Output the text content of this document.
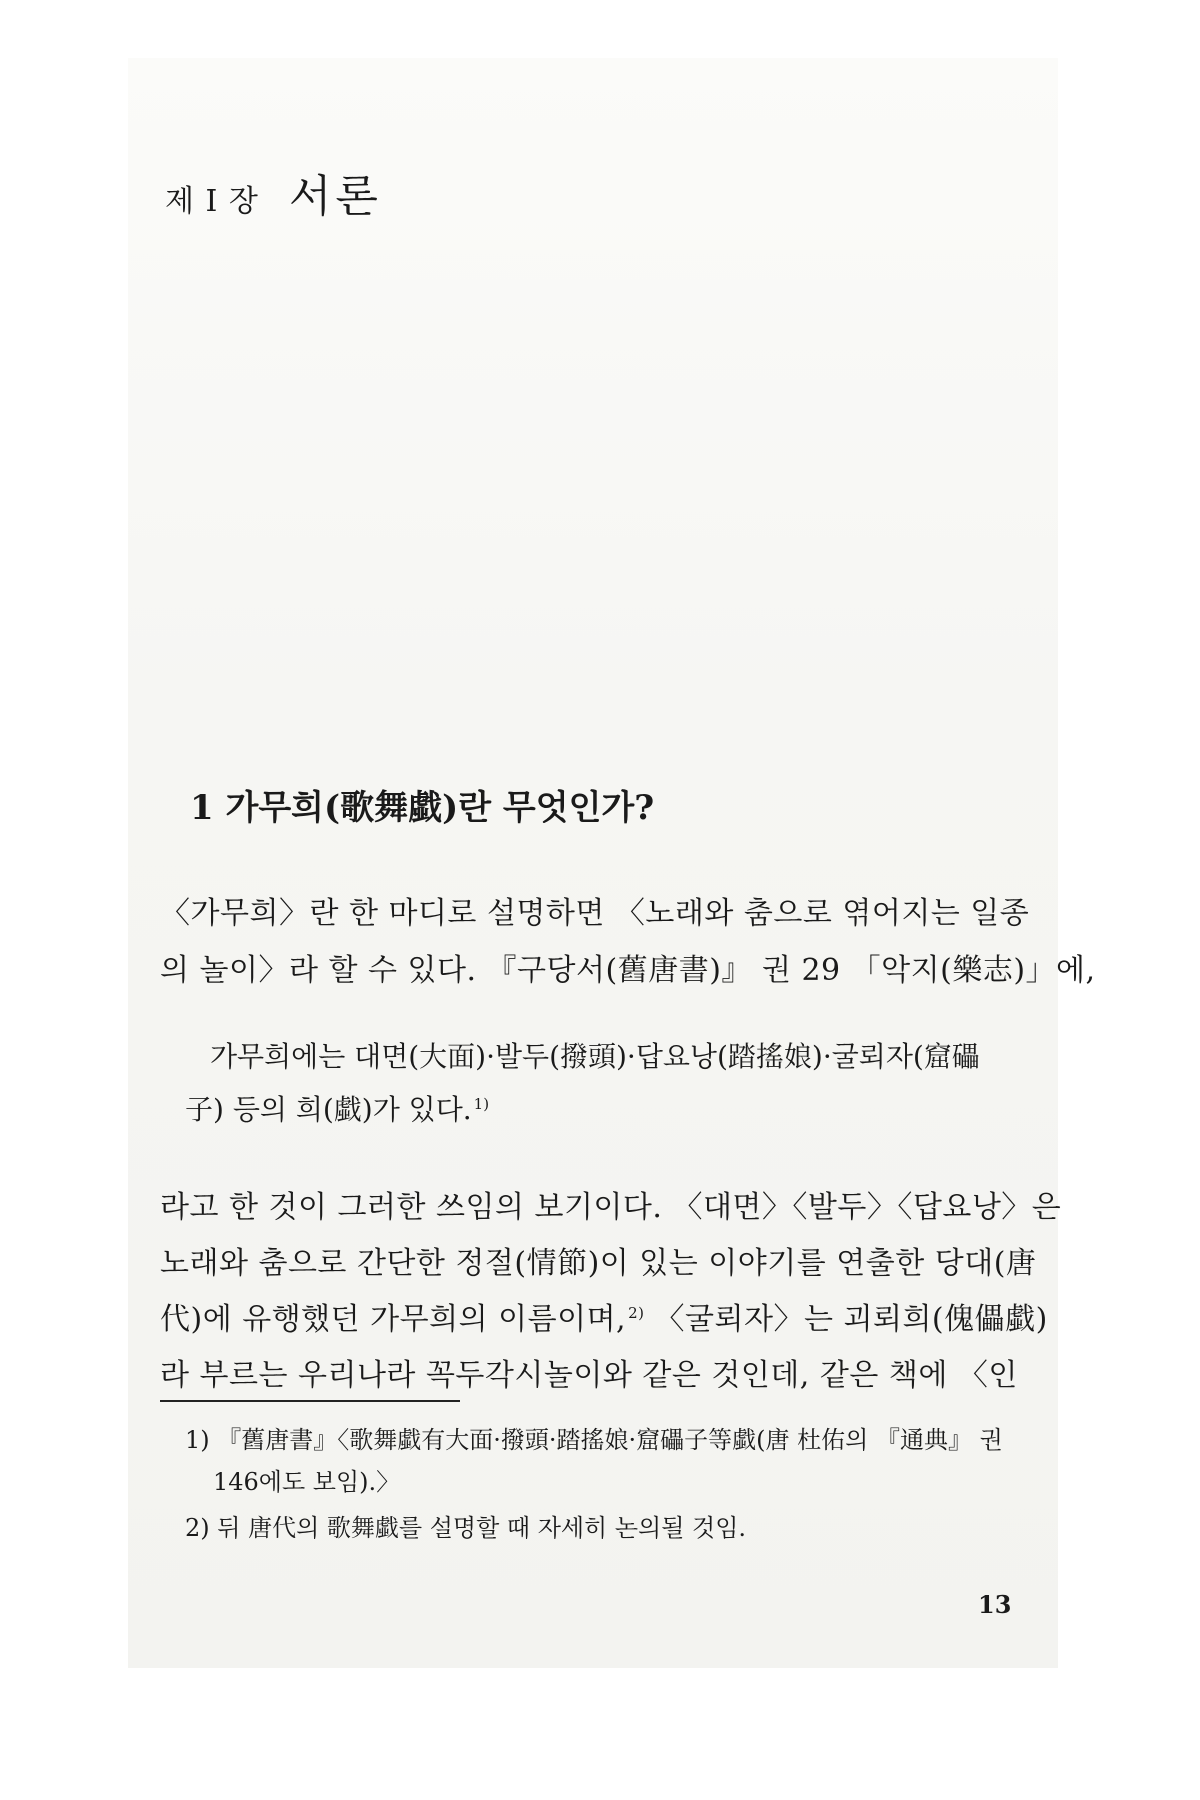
제 I 장 서론
1 가무희(歌舞戱)란 무엇인가?
〈가무희〉란 한 마디로 설명하면 〈노래와 춤으로 엮어지는 일종
의 놀이〉라 할 수 있다. 『구당서(舊唐書)』 권 29 「악지(樂志)」에,
가무희에는 대면(大面)·발두(撥頭)·답요낭(踏搖娘)·굴뢰자(窟礧
子) 등의 희(戱)가 있다. $^{1)}$
라고 한 것이 그러한 쓰임의 보기이다. 〈대면〉〈발두〉〈답요낭〉은
노래와 춤으로 간단한 정절(情節)이 있는 이야기를 연출한 당대(唐
代)에 유행했던 가무희의 이름이며, $^{2)}$ 〈굴뢰자〉는 괴뢰희(傀儡戱)
라 부르는 우리나라 꼭두각시놀이와 같은 것인데, 같은 책에 〈인
1) 『舊唐書』〈歌舞戱有大面·撥頭·踏搖娘·窟礧子等戱(唐 杜佑의 『通典』 권
146에도 보임).〉
2) 뒤 唐代의 歌舞戱를 설명할 때 자세히 논의될 것임.
13
